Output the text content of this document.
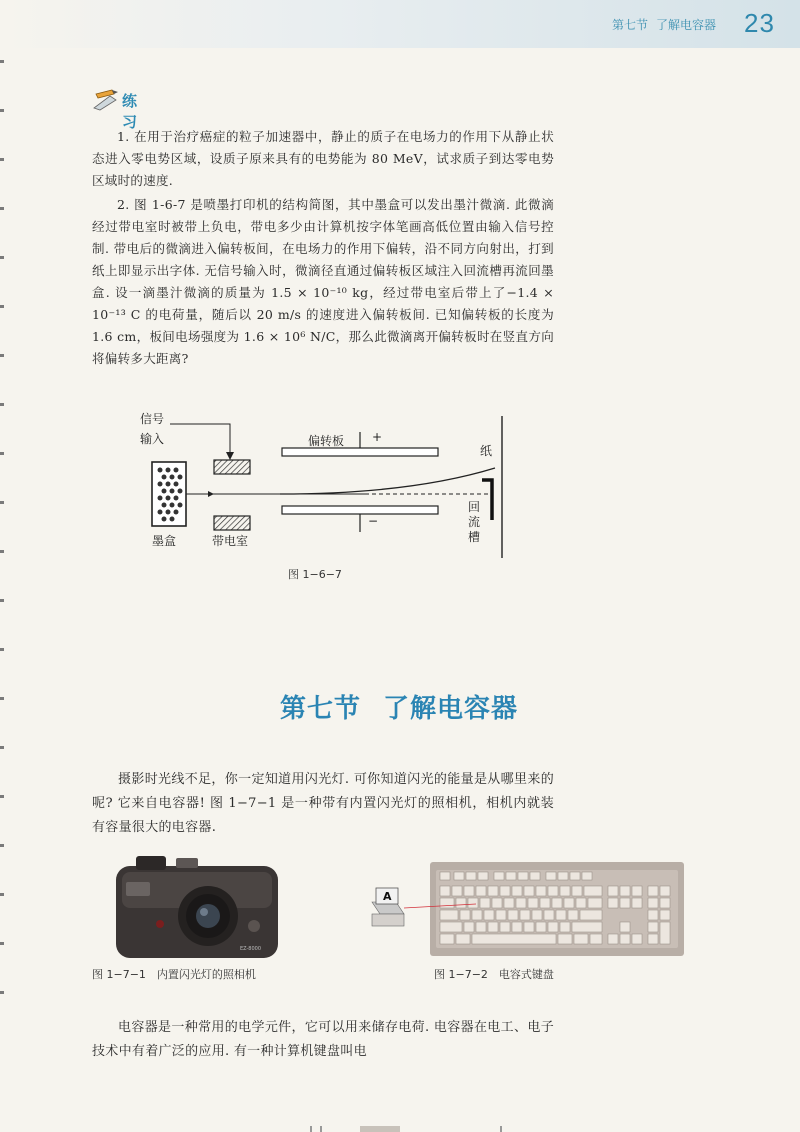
第七节 了解电容器	23
练习

1. 在用于治疗癌症的粒子加速器中，静止的质子在电场力的作用下从静止状态进入零电势区域，设质子原来具有的电势能为 80 MeV，试求质子到达零电势区域时的速度.

2. 图 1-6-7 是喷墨打印机的结构简图，其中墨盒可以发出墨汁微滴. 此微滴经过带电室时被带上负电，带电多少由计算机按字体笔画高低位置由输入信号控制. 带电后的微滴进入偏转板间，在电场力的作用下偏转，沿不同方向射出，打到纸上即显示出字体. 无信号输入时，微滴径直通过偏转板区域注入回流槽再流回墨盒. 设一滴墨汁微滴的质量为 1.5 × 10⁻¹⁰ kg，经过带电室后带上了−1.4 × 10⁻¹³ C 的电荷量，随后以 20 m/s 的速度进入偏转板间. 已知偏转板的长度为 1.6 cm，板间电场强度为 1.6 × 10⁶ N/C，那么此微滴离开偏转板时在竖直方向将偏转多大距离?

信号
输入	偏转板 +
−
纸
回
流
槽
墨盒	带电室
图 1−6−7
第七节 了解电容器

摄影时光线不足，你一定知道用闪光灯. 可你知道闪光的能量是从哪里来的呢? 它来自电容器! 图 1−7−1 是一种带有内置闪光灯的照相机，相机内就装有容量很大的电容器.

EZ-8000
图 1−7−1　内置闪光灯的照相机
A
图 1−7−2　电容式键盘

电容器是一种常用的电学元件，它可以用来储存电荷. 电容器在电工、电子技术中有着广泛的应用. 有一种计算机键盘叫电
